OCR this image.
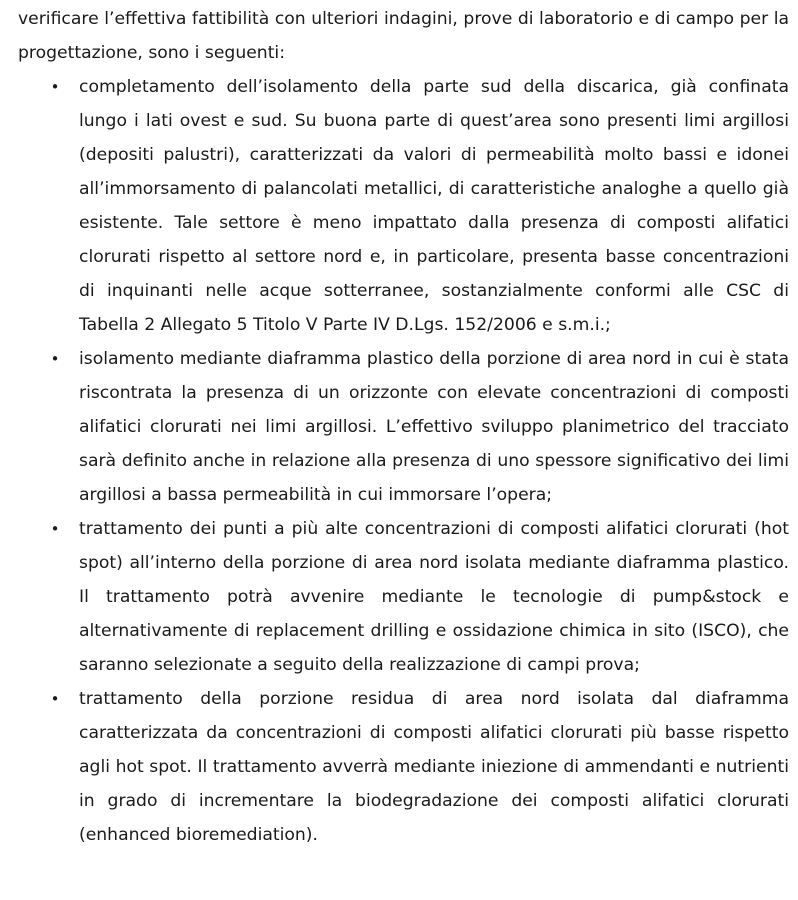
verificare l’effettiva fattibilità con ulteriori indagini, prove di laboratorio e di campo per la progettazione, sono i seguenti:

• completamento dell’isolamento della parte sud della discarica, già confinata lungo i lati ovest e sud. Su buona parte di quest’area sono presenti limi argillosi (depositi palustri), caratterizzati da valori di permeabilità molto bassi e idonei all’immorsamento di palancolati metallici, di caratteristiche analoghe a quello già esistente. Tale settore è meno impattato dalla presenza di composti alifatici clorurati rispetto al settore nord e, in particolare, presenta basse concentrazioni di inquinanti nelle acque sotterranee, sostanzialmente conformi alle CSC di Tabella 2 Allegato 5 Titolo V Parte IV D.Lgs. 152/2006 e s.m.i.;
• isolamento mediante diaframma plastico della porzione di area nord in cui è stata riscontrata la presenza di un orizzonte con elevate concentrazioni di composti alifatici clorurati nei limi argillosi. L’effettivo sviluppo planimetrico del tracciato sarà definito anche in relazione alla presenza di uno spessore significativo dei limi argillosi a bassa permeabilità in cui immorsare l’opera;
• trattamento dei punti a più alte concentrazioni di composti alifatici clorurati (hot spot) all’interno della porzione di area nord isolata mediante diaframma plastico. Il trattamento potrà avvenire mediante le tecnologie di pump&stock e alternativamente di replacement drilling e ossidazione chimica in sito (ISCO), che saranno selezionate a seguito della realizzazione di campi prova;
• trattamento della porzione residua di area nord isolata dal diaframma caratterizzata da concentrazioni di composti alifatici clorurati più basse rispetto agli hot spot. Il trattamento avverrà mediante iniezione di ammendanti e nutrienti in grado di incrementare la biodegradazione dei composti alifatici clorurati (enhanced bioremediation).
